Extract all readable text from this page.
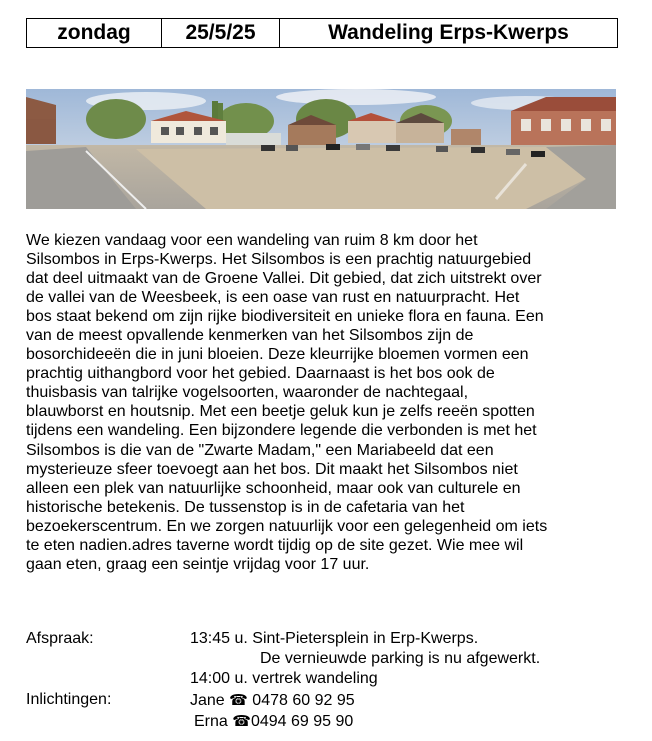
zondag	25/5/25	Wandeling Erps-Kwerps
We kiezen vandaag voor een wandeling van ruim 8 km door het
Silsombos in Erps-Kwerps. Het Silsombos is een prachtig natuurgebied
dat deel uitmaakt van de Groene Vallei. Dit gebied, dat zich uitstrekt over
de vallei van de Weesbeek, is een oase van rust en natuurpracht. Het
bos staat bekend om zijn rijke biodiversiteit en unieke flora en fauna. Een
van de meest opvallende kenmerken van het Silsombos zijn de
bosorchideeën die in juni bloeien. Deze kleurrijke bloemen vormen een
prachtig uithangbord voor het gebied. Daarnaast is het bos ook de
thuisbasis van talrijke vogelsoorten, waaronder de nachtegaal,
blauwborst en houtsnip. Met een beetje geluk kun je zelfs reeën spotten
tijdens een wandeling. Een bijzondere legende die verbonden is met het
Silsombos is die van de "Zwarte Madam," een Mariabeeld dat een
mysterieuze sfeer toevoegt aan het bos. Dit maakt het Silsombos niet
alleen een plek van natuurlijke schoonheid, maar ook van culturele en
historische betekenis. De tussenstop is in de cafetaria van het
bezoekerscentrum. En we zorgen natuurlijk voor een gelegenheid om iets
te eten nadien.adres taverne wordt tijdig op de site gezet. Wie mee wil
gaan eten, graag een seintje vrijdag voor 17 uur.
Afspraak:	13:45 u. Sint-Pietersplein in Erp-Kwerps.
De vernieuwde parking is nu afgewerkt.
14:00 u. vertrek wandeling
Inlichtingen:	Jane ☎ 0478 60 92 95
Erna ☎0494 69 95 90
